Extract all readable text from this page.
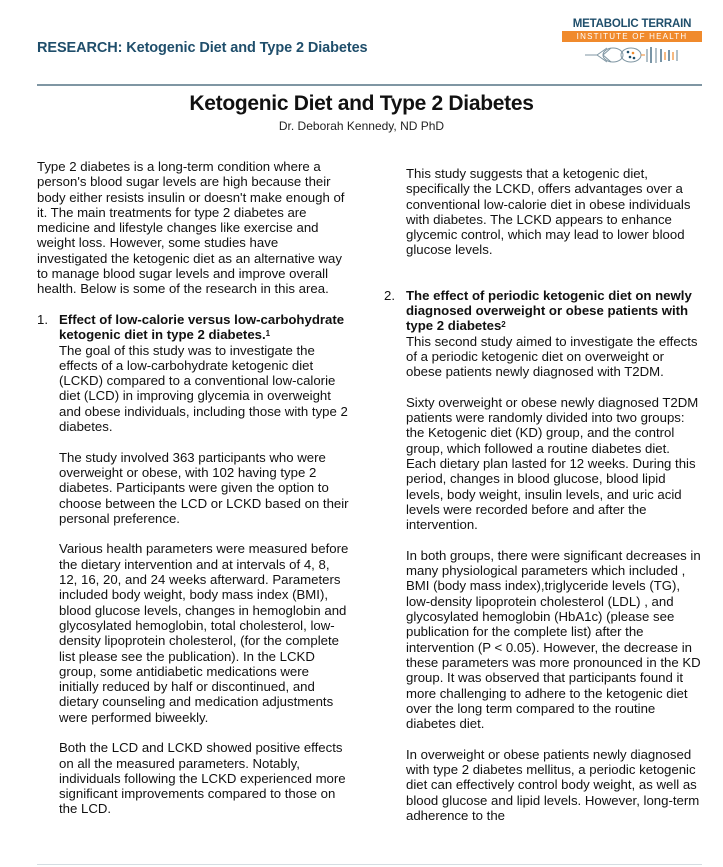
RESEARCH: Ketogenic Diet and Type 2 Diabetes
METABOLIC TERRAIN
INSTITUTE OF HEALTH
Ketogenic Diet and Type 2 Diabetes
Dr. Deborah Kennedy, ND PhD

Type 2 diabetes is a long-term condition where a person's blood sugar levels are high because their body either resists insulin or doesn't make enough of it. The main treatments for type 2 diabetes are medicine and lifestyle changes like exercise and weight loss. However, some studies have investigated the ketogenic diet as an alternative way to manage blood sugar levels and improve overall health. Below is some of the research in this area.

1. Effect of low-calorie versus low-carbohydrate ketogenic diet in type 2 diabetes.$^1$

The goal of this study was to investigate the effects of a low-carbohydrate ketogenic diet (LCKD) compared to a conventional low-calorie diet (LCD) in improving glycemia in overweight and obese individuals, including those with type 2 diabetes.

The study involved 363 participants who were overweight or obese, with 102 having type 2 diabetes. Participants were given the option to choose between the LCD or LCKD based on their personal preference.

Various health parameters were measured before the dietary intervention and at intervals of 4, 8, 12, 16, 20, and 24 weeks afterward. Parameters included body weight, body mass index (BMI), blood glucose levels, changes in hemoglobin and glycosylated hemoglobin, total cholesterol, low-density lipoprotein cholesterol, (for the complete list please see the publication). In the LCKD group, some antidiabetic medications were initially reduced by half or discontinued, and dietary counseling and medication adjustments were performed biweekly.

Both the LCD and LCKD showed positive effects on all the measured parameters. Notably, individuals following the LCKD experienced more significant improvements compared to those on the LCD.

This study suggests that a ketogenic diet, specifically the LCKD, offers advantages over a conventional low-calorie diet in obese individuals with diabetes. The LCKD appears to enhance glycemic control, which may lead to lower blood glucose levels.

2. The effect of periodic ketogenic diet on newly diagnosed overweight or obese patients with type 2 diabetes$^2$

This second study aimed to investigate the effects of a periodic ketogenic diet on overweight or obese patients newly diagnosed with T2DM.

Sixty overweight or obese newly diagnosed T2DM patients were randomly divided into two groups: the Ketogenic diet (KD) group, and the control group, which followed a routine diabetes diet. Each dietary plan lasted for 12 weeks. During this period, changes in blood glucose, blood lipid levels, body weight, insulin levels, and uric acid levels were recorded before and after the intervention.

In both groups, there were significant decreases in many physiological parameters which included , BMI (body mass index),triglyceride levels (TG), low-density lipoprotein cholesterol (LDL) , and glycosylated hemoglobin (HbA1c) (please see publication for the complete list) after the intervention (P < 0.05). However, the decrease in these parameters was more pronounced in the KD group. It was observed that participants found it more challenging to adhere to the ketogenic diet over the long term compared to the routine diabetes diet.

In overweight or obese patients newly diagnosed with type 2 diabetes mellitus, a periodic ketogenic diet can effectively control body weight, as well as blood glucose and lipid levels. However, long-term adherence to the
